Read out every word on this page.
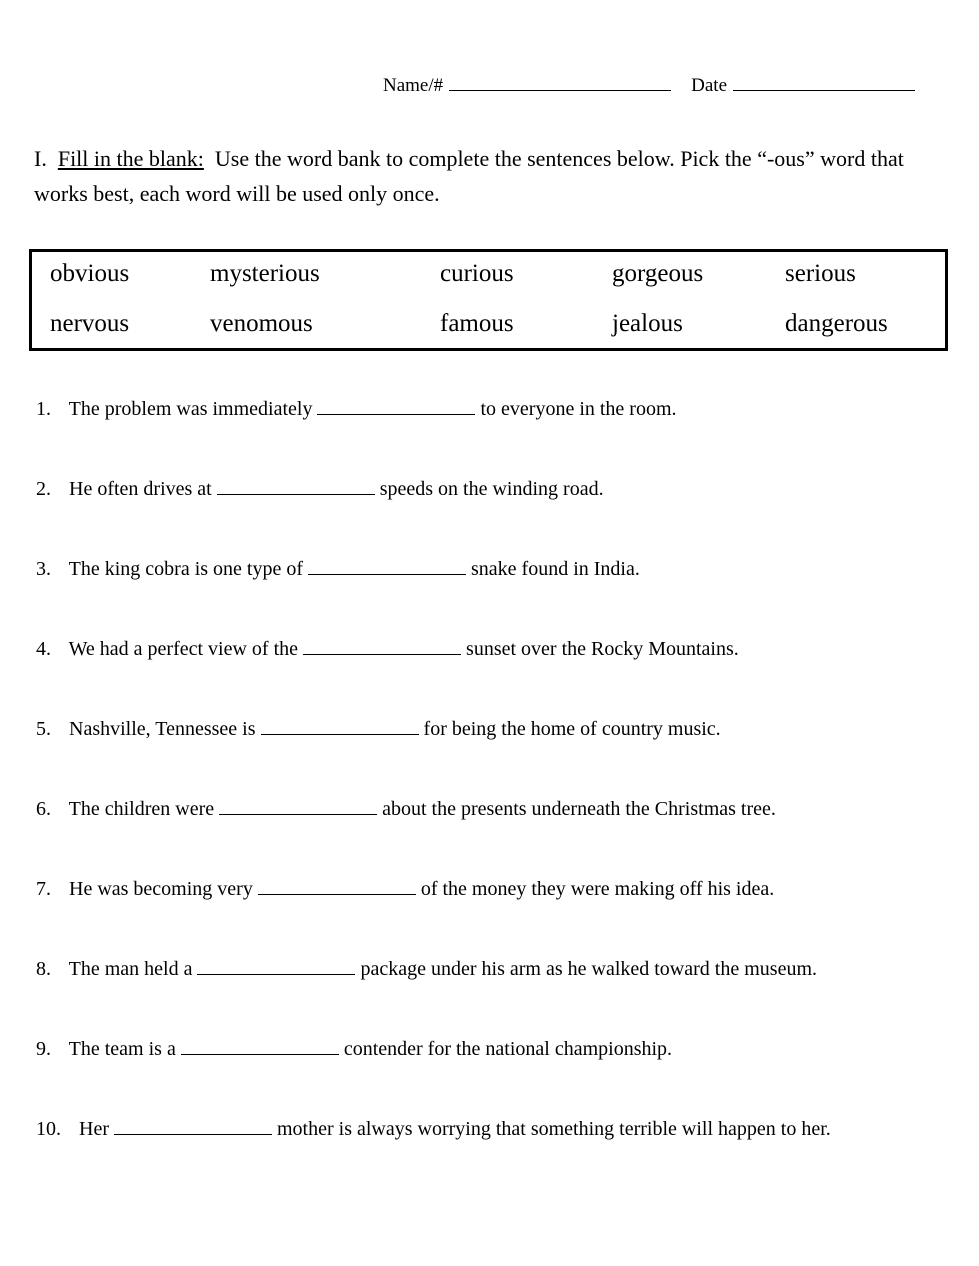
Name/#	Date
I. Fill in the blank: Use the word bank to complete the sentences below. Pick the “-ous” word that works best, each word will be used only once.
obvious	mysterious	curious	gorgeous	serious
nervous	venomous	famous	jealous	dangerous
1. The problem was immediately	to everyone in the room.
2. He often drives at	speeds on the winding road.
3. The king cobra is one type of	snake found in India.
4. We had a perfect view of the	sunset over the Rocky Mountains.
5. Nashville, Tennessee is	for being the home of country music.
6. The children were	about the presents underneath the Christmas tree.
7. He was becoming very	of the money they were making off his idea.
8. The man held a	package under his arm as he walked toward the museum.
9. The team is a	contender for the national championship.
10. Her	mother is always worrying that something terrible will happen to her.
